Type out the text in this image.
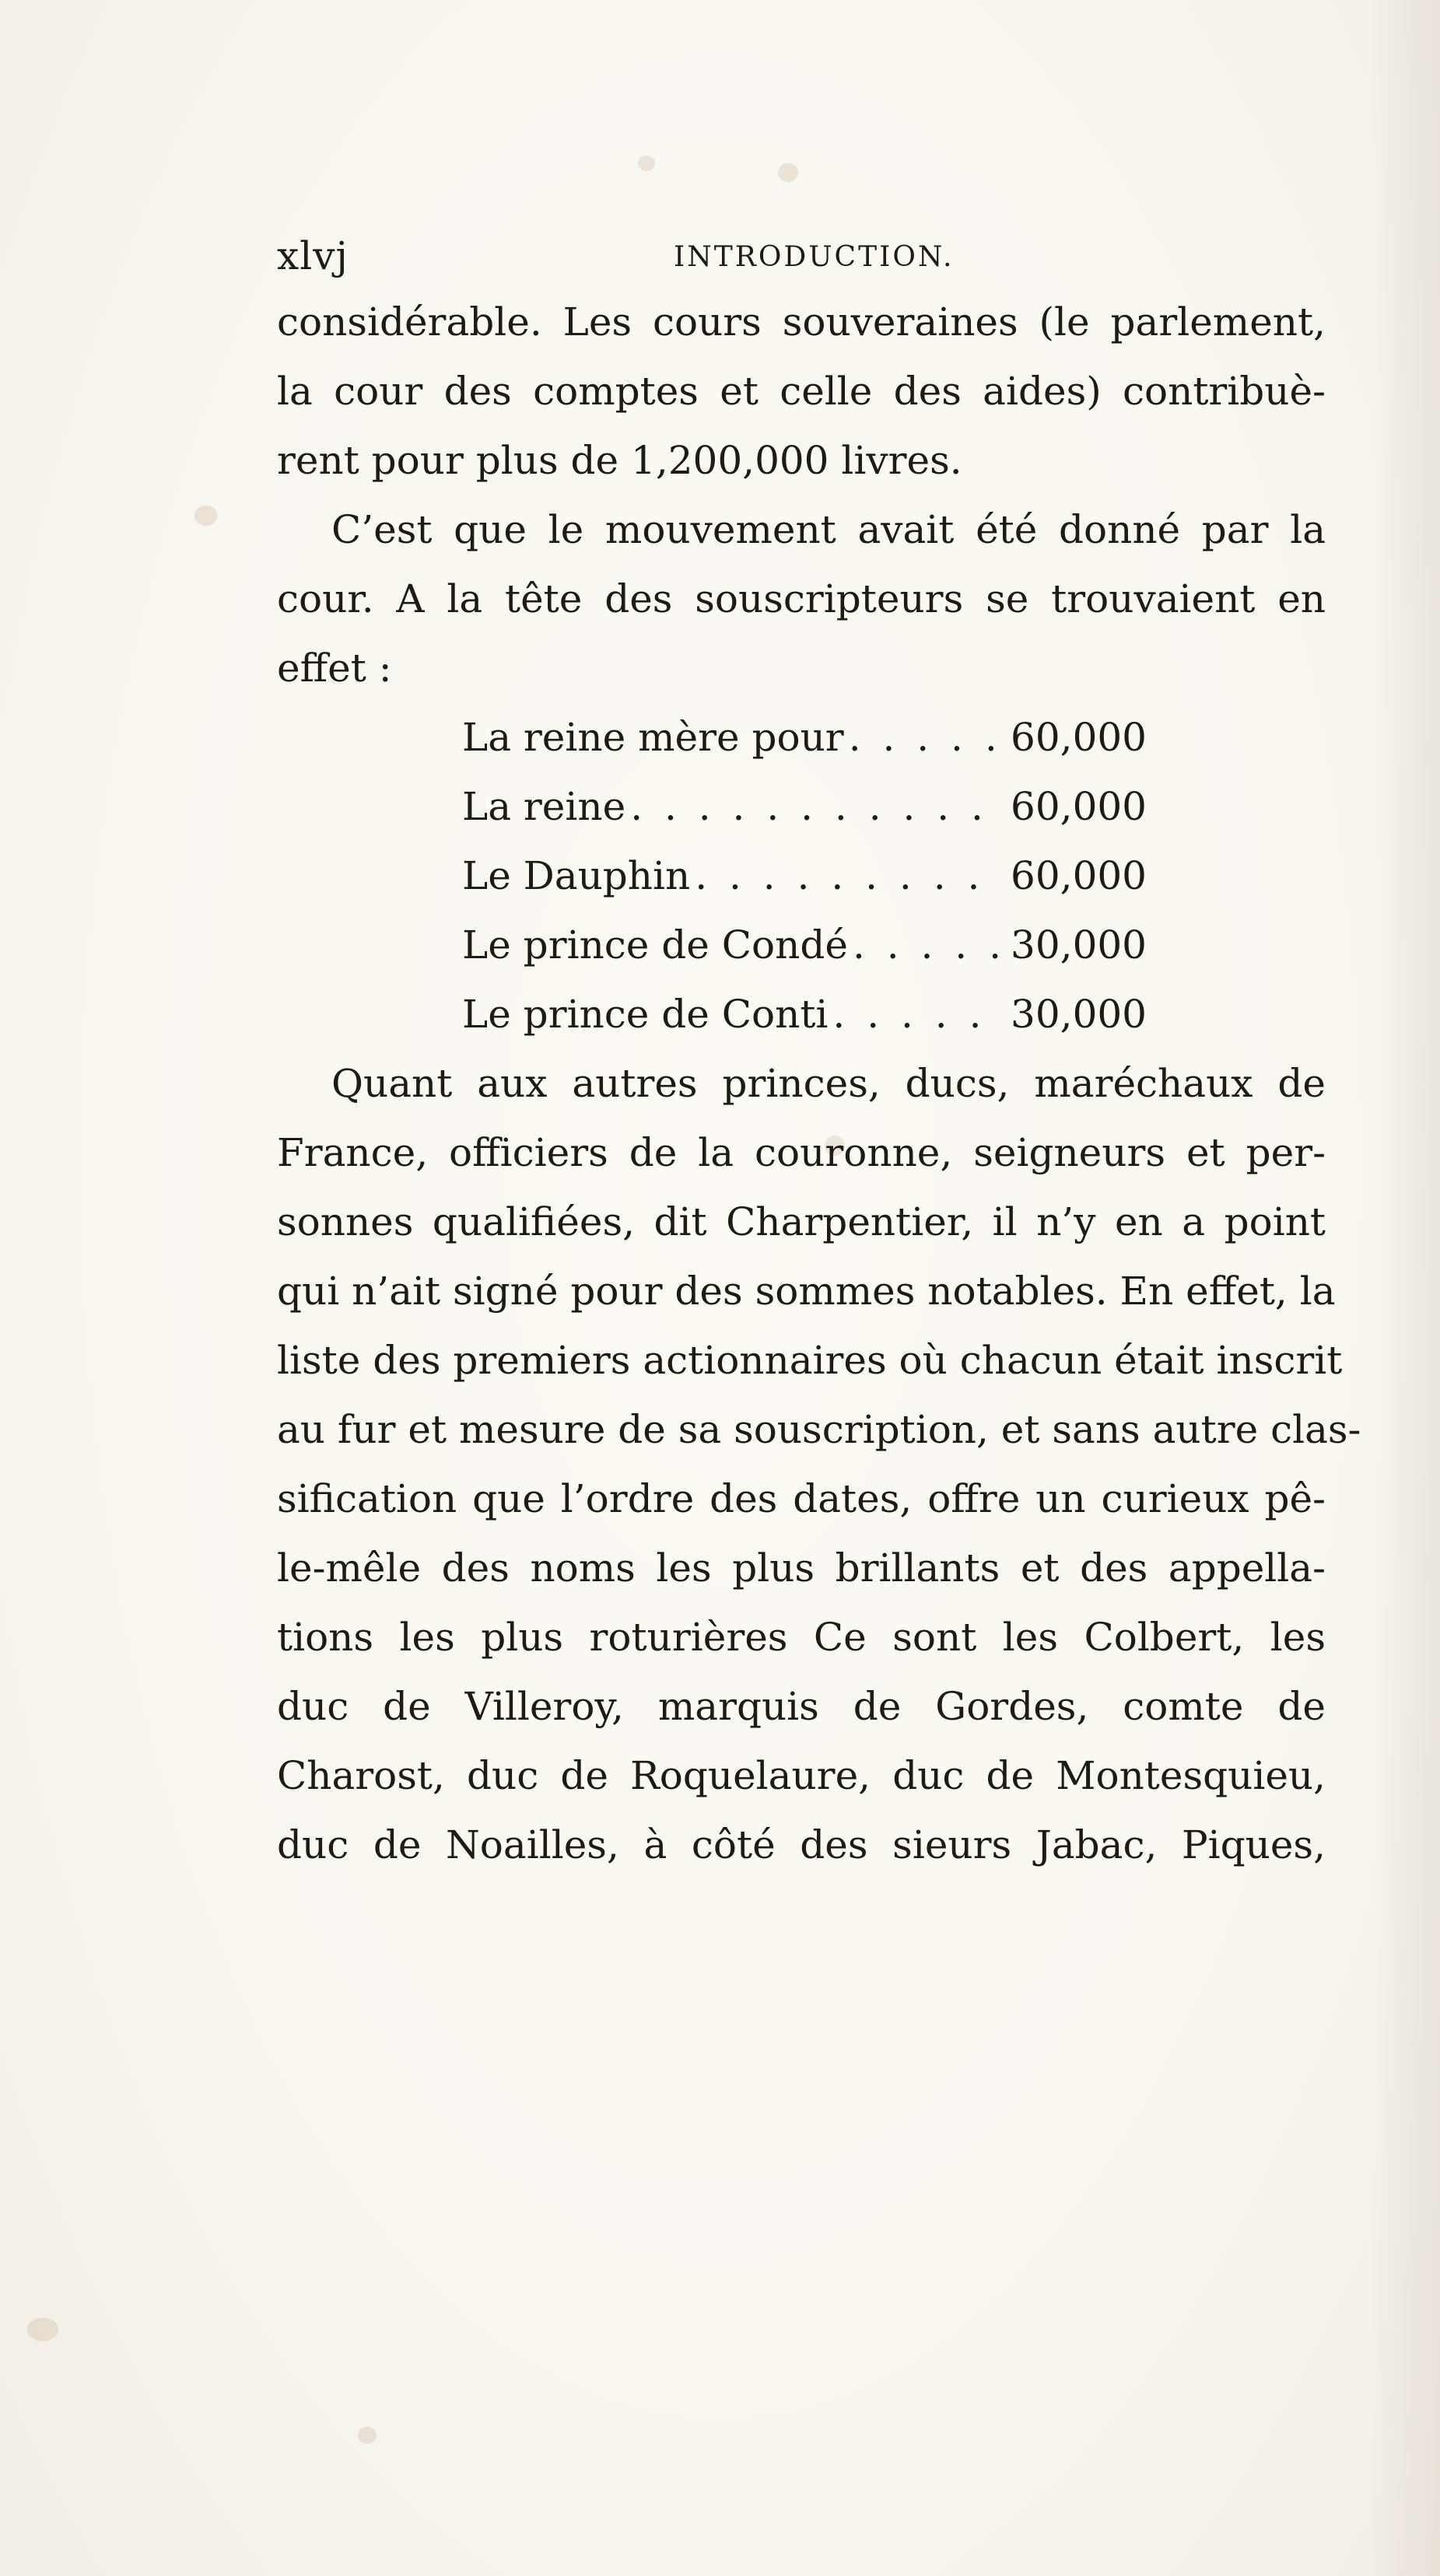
xlvj	INTRODUCTION.
considérable. Les cours souveraines (le parlement,
la cour des comptes et celle des aides) contribuè-
rent pour plus de 1,200,000 livres.
C’est que le mouvement avait été donné par la
cour. A la tête des souscripteurs se trouvaient en
effet :
La reine mère pour . . .	60,000
La reine . . .	60,000
Le Dauphin . . .	60,000
Le prince de Condé . . .	30,000
Le prince de Conti . . .	30,000
Quant aux autres princes, ducs, maréchaux de
France, officiers de la couronne, seigneurs et per-
sonnes qualifiées, dit Charpentier, il n’y en a point
qui n’ait signé pour des sommes notables. En effet, la
liste des premiers actionnaires où chacun était inscrit
au fur et mesure de sa souscription, et sans autre clas-
sification que l’ordre des dates, offre un curieux pê-
le-mêle des noms les plus brillants et des appella-
tions les plus roturières Ce sont les Colbert, les
duc de Villeroy, marquis de Gordes, comte de
Charost, duc de Roquelaure, duc de Montesquieu,
duc de Noailles, à côté des sieurs Jabac, Piques,
